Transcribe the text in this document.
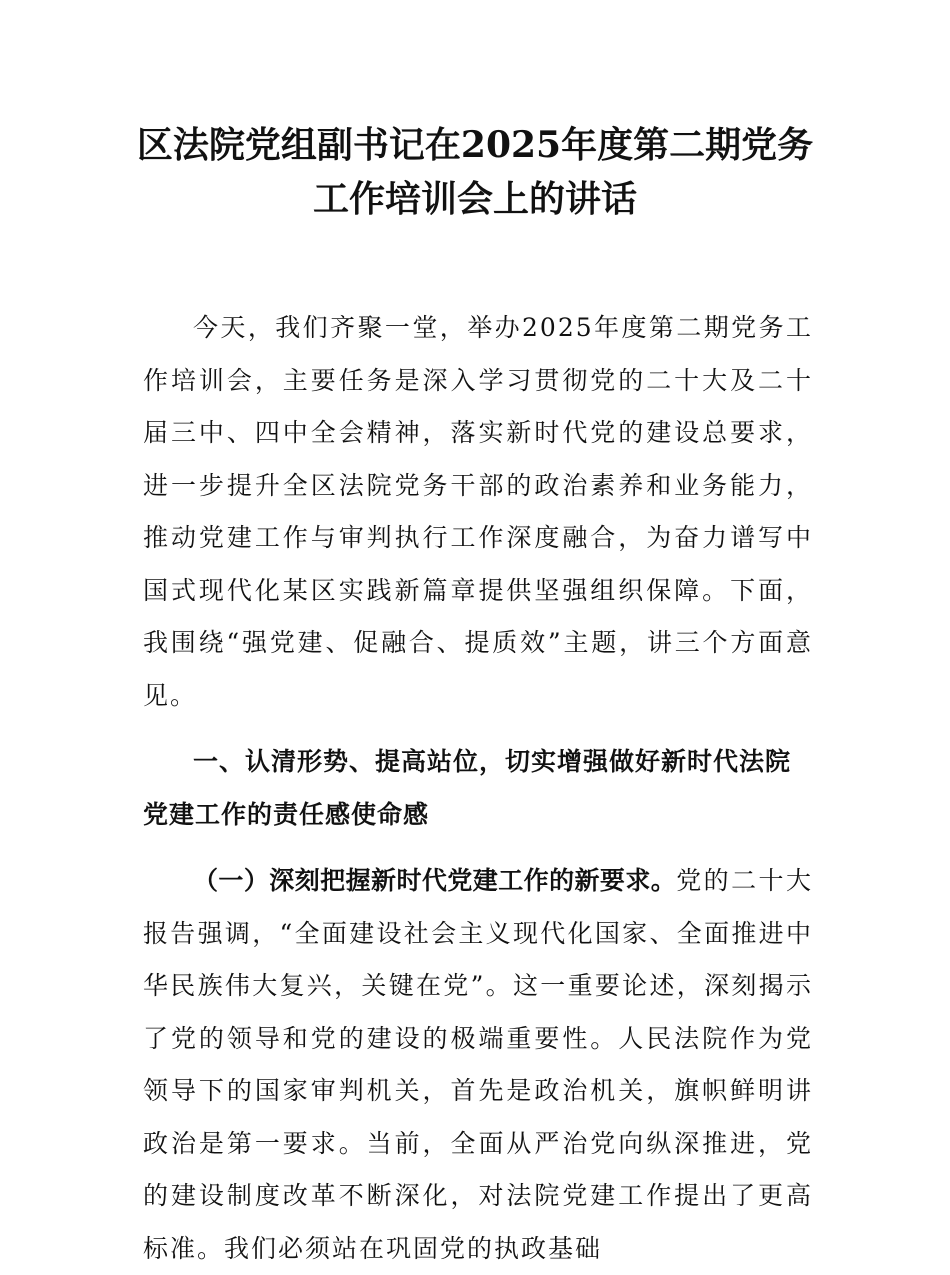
区法院党组副书记在2025年度第二期党务工作培训会上的讲话

今天，我们齐聚一堂，举办2025年度第二期党务工作培训会，主要任务是深入学习贯彻党的二十大及二十届三中、四中全会精神，落实新时代党的建设总要求，进一步提升全区法院党务干部的政治素养和业务能力，推动党建工作与审判执行工作深度融合，为奋力谱写中国式现代化某区实践新篇章提供坚强组织保障。下面，我围绕“强党建、促融合、提质效”主题，讲三个方面意见。

一、认清形势、提高站位，切实增强做好新时代法院党建工作的责任感使命感

（一）深刻把握新时代党建工作的新要求。党的二十大报告强调，“全面建设社会主义现代化国家、全面推进中华民族伟大复兴，关键在党”。这一重要论述，深刻揭示了党的领导和党的建设的极端重要性。人民法院作为党领导下的国家审判机关，首先是政治机关，旗帜鲜明讲政治是第一要求。当前，全面从严治党向纵深推进，党的建设制度改革不断深化，对法院党建工作提出了更高标准。我们必须站在巩固党的执政基础
